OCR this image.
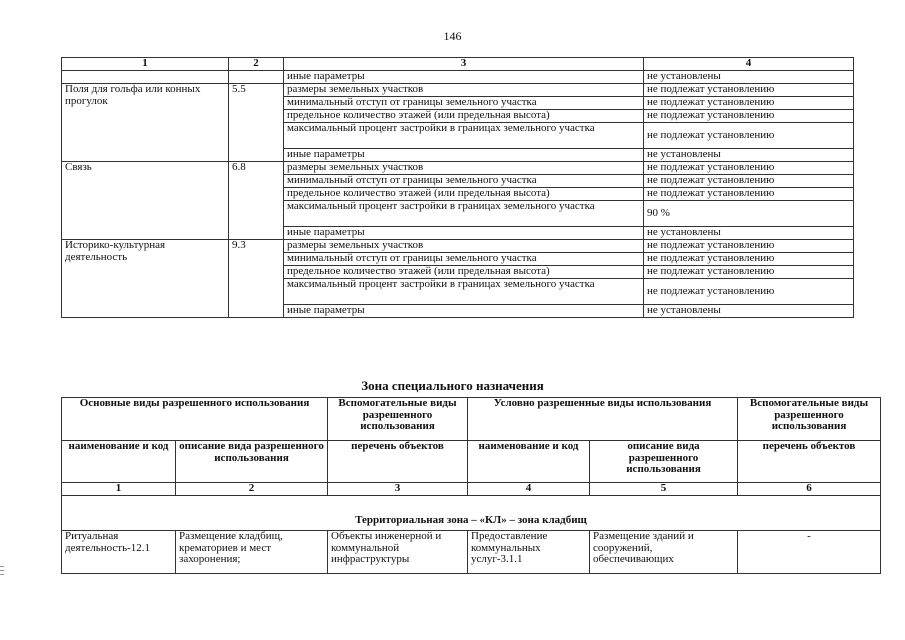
146
1	2	3	4
		иные параметры	не установлены
Поля для гольфа или конных прогулок	5.5	размеры земельных участков	не подлежат установлению
		минимальный отступ от границы земельного участка	не подлежат установлению
		предельное количество этажей (или предельная высота)	не подлежат установлению
		максимальный процент застройки в границах земельного участка	не подлежат установлению
		иные параметры	не установлены
Связь	6.8	размеры земельных участков	не подлежат установлению
		минимальный отступ от границы земельного участка	не подлежат установлению
		предельное количество этажей (или предельная высота)	не подлежат установлению
		максимальный процент застройки в границах земельного участка	90 %
		иные параметры	не установлены
Историко-культурная деятельность	9.3	размеры земельных участков	не подлежат установлению
		минимальный отступ от границы земельного участка	не подлежат установлению
		предельное количество этажей (или предельная высота)	не подлежат установлению
		максимальный процент застройки в границах земельного участка	не подлежат установлению
		иные параметры	не установлены
Зона специального назначения
Основные виды разрешенного использования		Вспомогательные виды разрешенного использования	Условно разрешенные виды использования		Вспомогательные виды разрешенного использования
наименование и код	описание вида разрешенного использования	перечень объектов	наименование и код	описание вида разрешенного использования	перечень объектов
1	2	3	4	5	6
Территориальная зона – «КЛ» – зона кладбищ					
Ритуальная деятельность-12.1	Размещение кладбищ, крематориев и мест захоронения;	Объекты инженерной и коммунальной инфраструктуры	Предоставление коммунальных услуг-3.1.1	Размещение зданий и сооружений, обеспечивающих	-
